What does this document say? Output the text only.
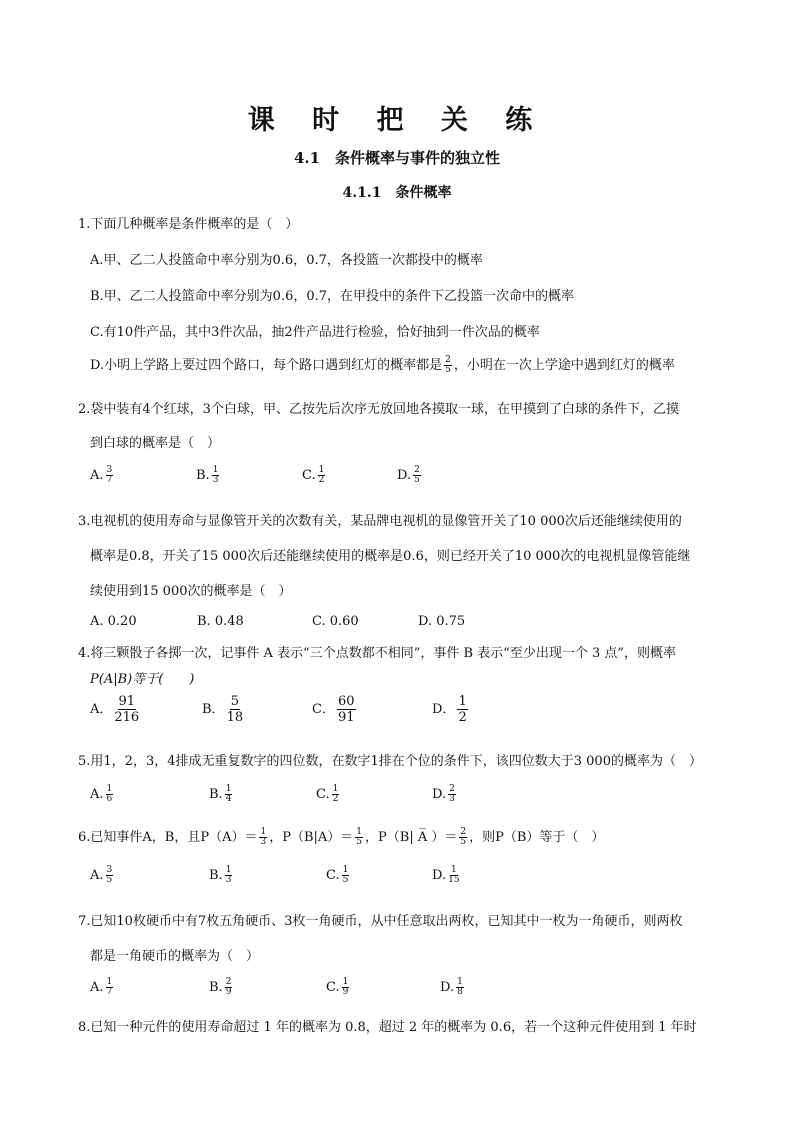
课 时 把 关 练
4.1　条件概率与事件的独立性
4.1.1　条件概率
1.下面几种概率是条件概率的是（　）
A.甲、乙二人投篮命中率分别为0.6，0.7，各投篮一次都投中的概率
B.甲、乙二人投篮命中率分别为0.6，0.7，在甲投中的条件下乙投篮一次命中的概率
C.有10件产品，其中3件次品，抽2件产品进行检验，恰好抽到一件次品的概率
D.小明上学路上要过四个路口，每个路口遇到红灯的概率都是 $\frac{2}{5}$ ，小明在一次上学途中遇到红灯的概率
2.袋中装有4个红球，3个白球，甲、乙按先后次序无放回地各摸取一球，在甲摸到了白球的条件下，乙摸
到白球的概率是（　）
A. $\frac{3}{7}$	B. $\frac{1}{3}$	C. $\frac{1}{2}$	D. $\frac{2}{5}$
3.电视机的使用寿命与显像管开关的次数有关，某品牌电视机的显像管开关了10 000次后还能继续使用的
概率是0.8，开关了15 000次后还能继续使用的概率是0.6，则已经开关了10 000次的电视机显像管能继
续使用到15 000次的概率是（　）
A. 0.20	B. 0.48	C. 0.60	D. 0.75
4.将三颗骰子各掷一次，记事件 A 表示“三个点数都不相同”，事件 B 表示“至少出现一个 3 点”，则概率
P(A|B)等于(　　)
A． $\frac{91}{216}$	B． $\frac{5}{18}$	C． $\frac{60}{91}$	D． $\frac{1}{2}$
5.用1，2，3，4排成无重复数字的四位数，在数字1排在个位的条件下，该四位数大于3 000的概率为（　）
A. $\frac{1}{6}$	B. $\frac{1}{4}$	C. $\frac{1}{2}$	D. $\frac{2}{3}$
6.已知事件A，B，且$P(A)= \frac{1}{3}$ ，$P(B|A)= \frac{1}{5}$ ，P（B| A̅ ）＝ $\frac{2}{5}$ ，则P（B）等于（　）
A. $\frac{3}{5}$	B. $\frac{1}{3}$	C. $\frac{1}{5}$	D. $\frac{1}{15}$
7.已知10枚硬币中有7枚五角硬币、3枚一角硬币，从中任意取出两枚，已知其中一枚为一角硬币，则两枚
都是一角硬币的概率为（　）
A. $\frac{1}{7}$	B. $\frac{2}{9}$	C. $\frac{1}{9}$	D. $\frac{1}{8}$
8.已知一种元件的使用寿命超过 1 年的概率为 0.8，超过 2 年的概率为 0.6，若一个这种元件使用到 1 年时
